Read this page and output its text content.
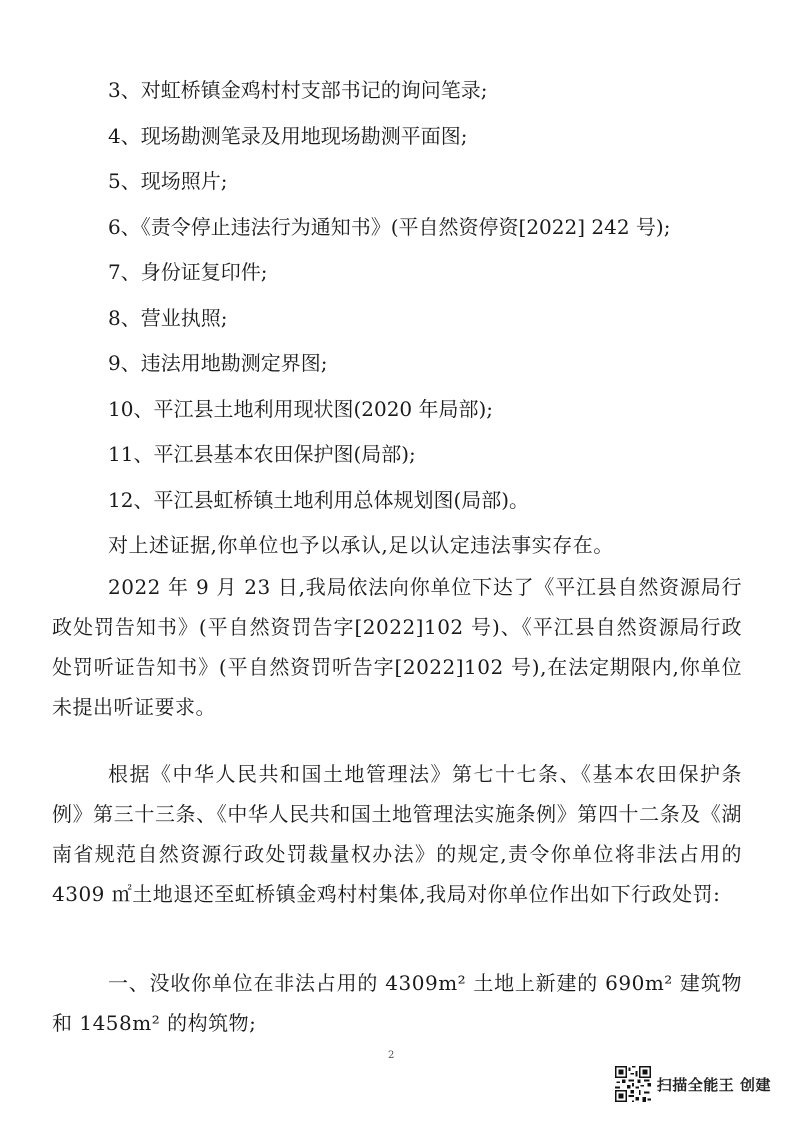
3、对虹桥镇金鸡村村支部书记的询问笔录;
4、现场勘测笔录及用地现场勘测平面图;
5、现场照片;
6、《责令停止违法行为通知书》(平自然资停资[2022] 242 号);
7、身份证复印件;
8、营业执照;
9、违法用地勘测定界图;
10、平江县土地利用现状图(2020 年局部);
11、平江县基本农田保护图(局部);
12、平江县虹桥镇土地利用总体规划图(局部)。

对上述证据,你单位也予以承认,足以认定违法事实存在。

2022 年 9 月 23 日,我局依法向你单位下达了《平江县自然资源局行政处罚告知书》(平自然资罚告字[2022]102 号)、《平江县自然资源局行政处罚听证告知书》(平自然资罚听告字[2022]102 号),在法定期限内,你单位未提出听证要求。

根据《中华人民共和国土地管理法》第七十七条、《基本农田保护条例》第三十三条、《中华人民共和国土地管理法实施条例》第四十二条及《湖南省规范自然资源行政处罚裁量权办法》的规定,责令你单位将非法占用的 4309 ㎡土地退还至虹桥镇金鸡村村集体,我局对你单位作出如下行政处罚:

一、没收你单位在非法占用的 4309m² 土地上新建的 690m² 建筑物和 1458m² 的构筑物;

2
扫描全能王 创建
